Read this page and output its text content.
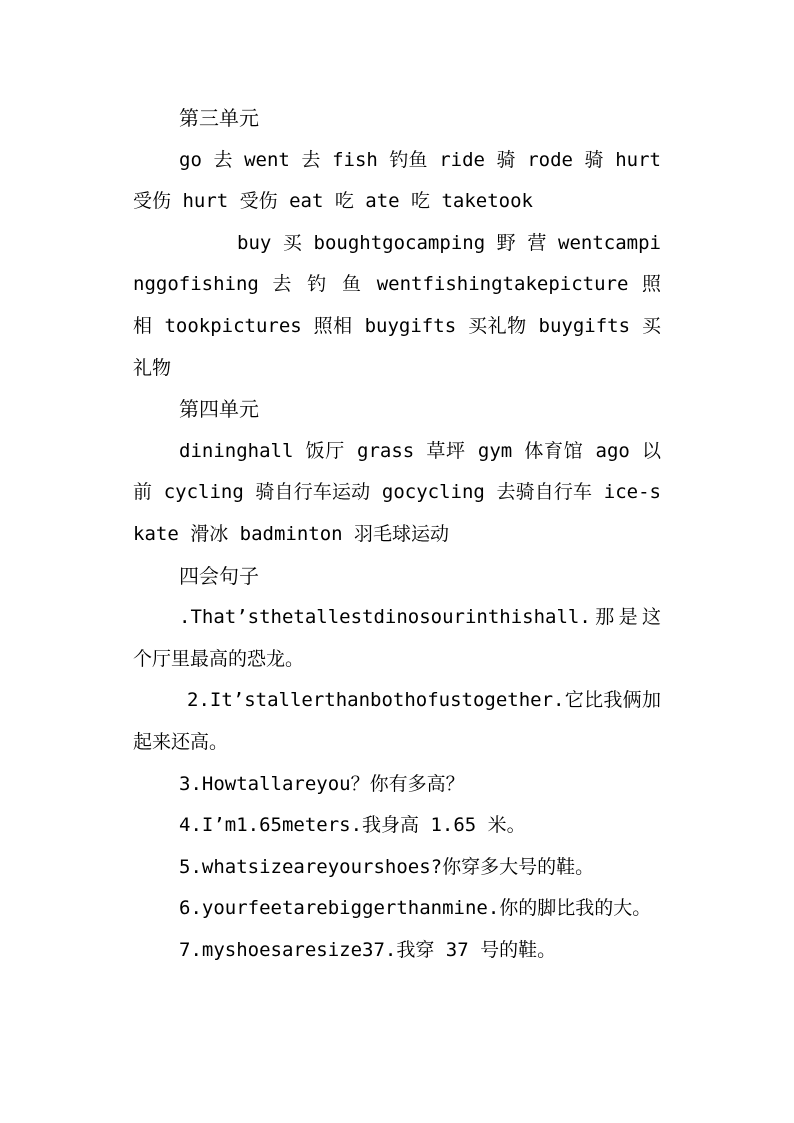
第三单元

go 去 went 去 fish 钓鱼 ride 骑 rode 骑 hurt 受伤 hurt 受伤 eat 吃 ate 吃 taketook

buy 买 boughtgocamping 野 营 wentcampinggofishing 去 钓 鱼 wentfishingtakepicture 照相 tookpictures 照相 buygifts 买礼物 buygifts 买礼物

第四单元

dininghall 饭厅 grass 草坪 gym 体育馆 ago 以前 cycling 骑自行车运动 gocycling 去骑自行车 ice-skate 滑冰 badminton 羽毛球运动

四会句子

.That’sthetallestdinosourinthishall.那是这个厅里最高的恐龙。

2.It’stallerthanbothofustogether.它比我俩加起来还高。

3.Howtallareyou？你有多高？

4.I’m1.65meters.我身高 1.65 米。

5.whatsizeareyourshoes?你穿多大号的鞋。

6.yourfeetarebiggerthanmine.你的脚比我的大。

7.myshoesaresize37.我穿 37 号的鞋。
